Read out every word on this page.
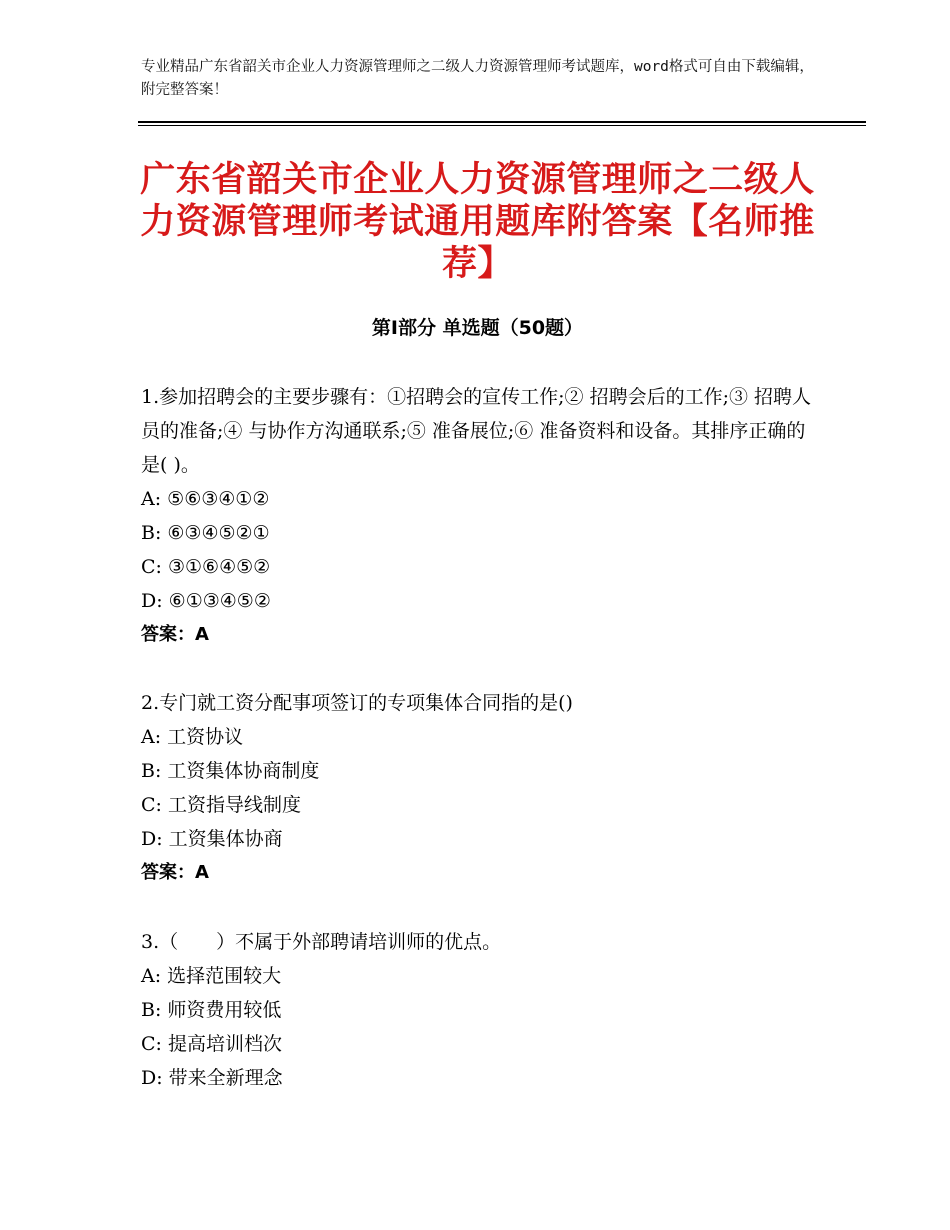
专业精品广东省韶关市企业人力资源管理师之二级人力资源管理师考试题库，word格式可自由下载编辑，附完整答案！
广东省韶关市企业人力资源管理师之二级人力资源管理师考试通用题库附答案【名师推荐】
第Ⅰ部分 单选题（50题）

1.参加招聘会的主要步骤有：①招聘会的宣传工作;② 招聘会后的工作;③ 招聘人员的准备;④ 与协作方沟通联系;⑤ 准备展位;⑥ 准备资料和设备。其排序正确的是( )。

A: ⑤⑥③④①②

B: ⑥③④⑤②①

C: ③①⑥④⑤②

D: ⑥①③④⑤②

答案：A

2.专门就工资分配事项签订的专项集体合同指的是()

A: 工资协议

B: 工资集体协商制度

C: 工资指导线制度

D: 工资集体协商

答案：A

3.（　　）不属于外部聘请培训师的优点。

A: 选择范围较大

B: 师资费用较低

C: 提高培训档次

D: 带来全新理念
